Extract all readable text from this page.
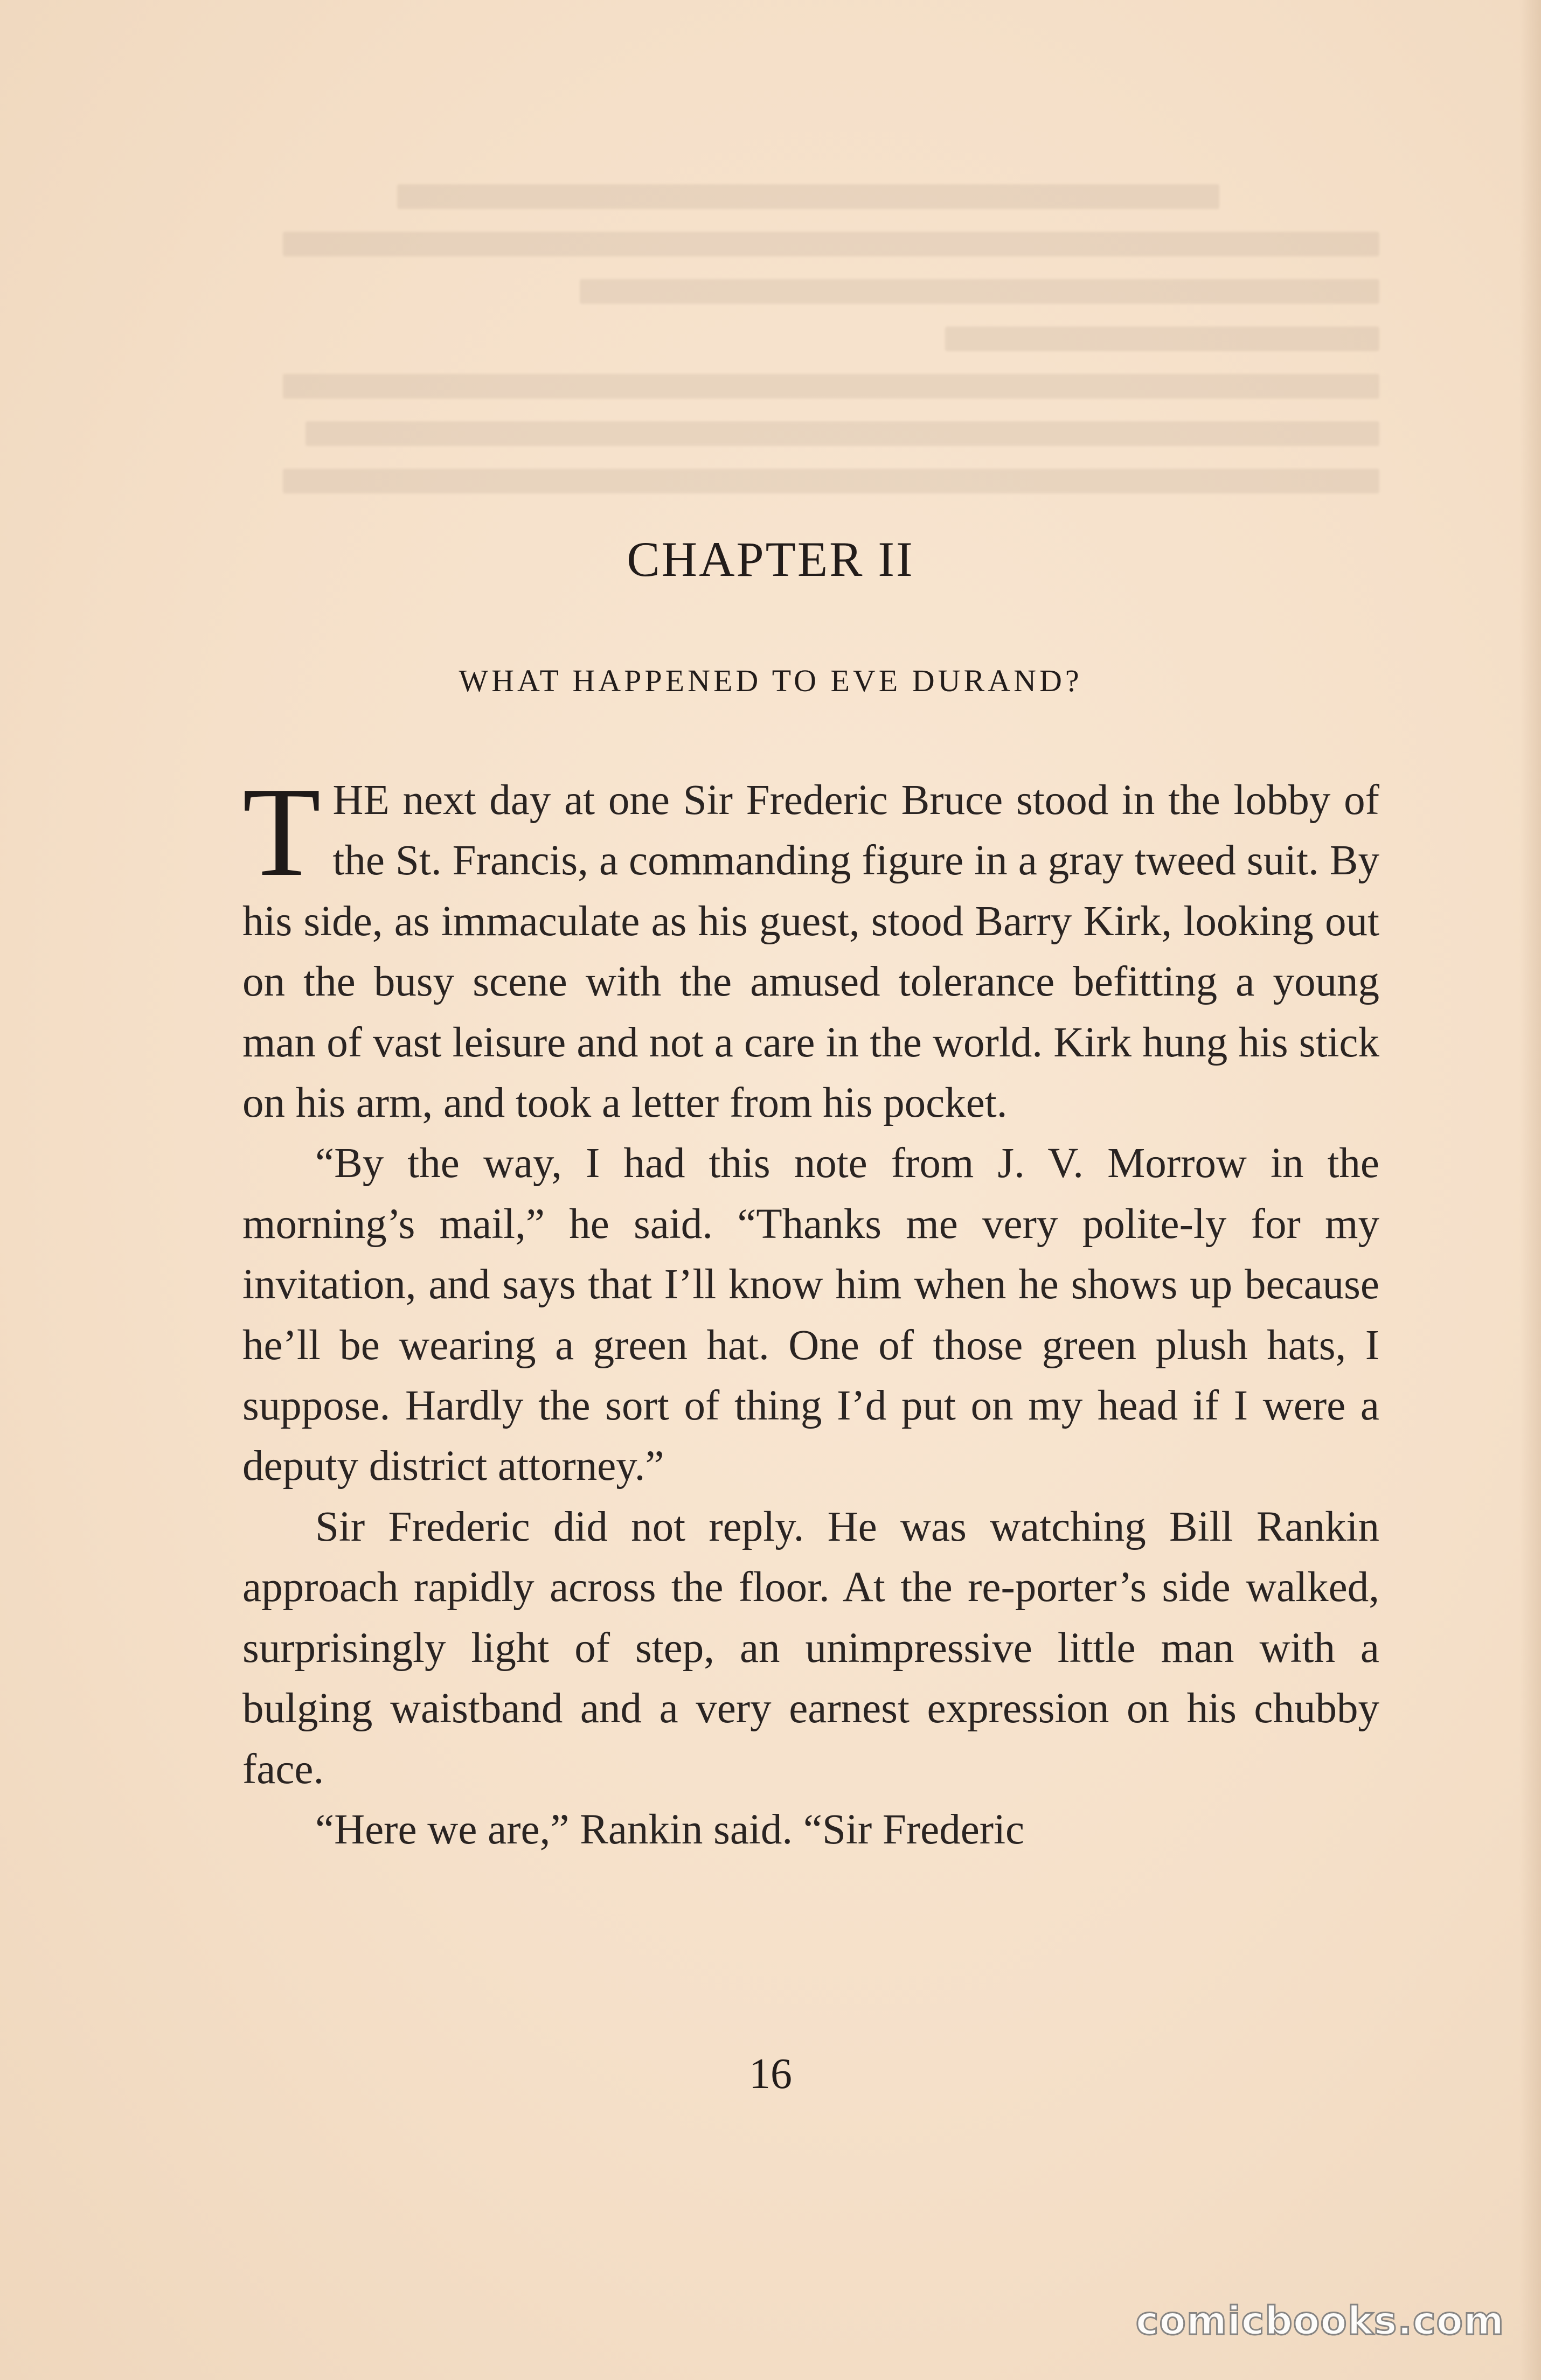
CHAPTER II
WHAT HAPPENED TO EVE DURAND?

THE next day at one Sir Frederic Bruce stood in the lobby of the St. Francis, a commanding figure in a gray tweed suit. By his side, as immaculate as his guest, stood Barry Kirk, looking out on the busy scene with the amused tolerance befitting a young man of vast leisure and not a care in the world. Kirk hung his stick on his arm, and took a letter from his pocket.

“By the way, I had this note from J. V. Morrow in the morning’s mail,” he said. “Thanks me very polite-ly for my invitation, and says that I’ll know him when he shows up because he’ll be wearing a green hat. One of those green plush hats, I suppose. Hardly the sort of thing I’d put on my head if I were a deputy district attorney.”

Sir Frederic did not reply. He was watching Bill Rankin approach rapidly across the floor. At the re-porter’s side walked, surprisingly light of step, an unimpressive little man with a bulging waistband and a very earnest expression on his chubby face.

“Here we are,” Rankin said. “Sir Frederic

16
comicbooks.com
